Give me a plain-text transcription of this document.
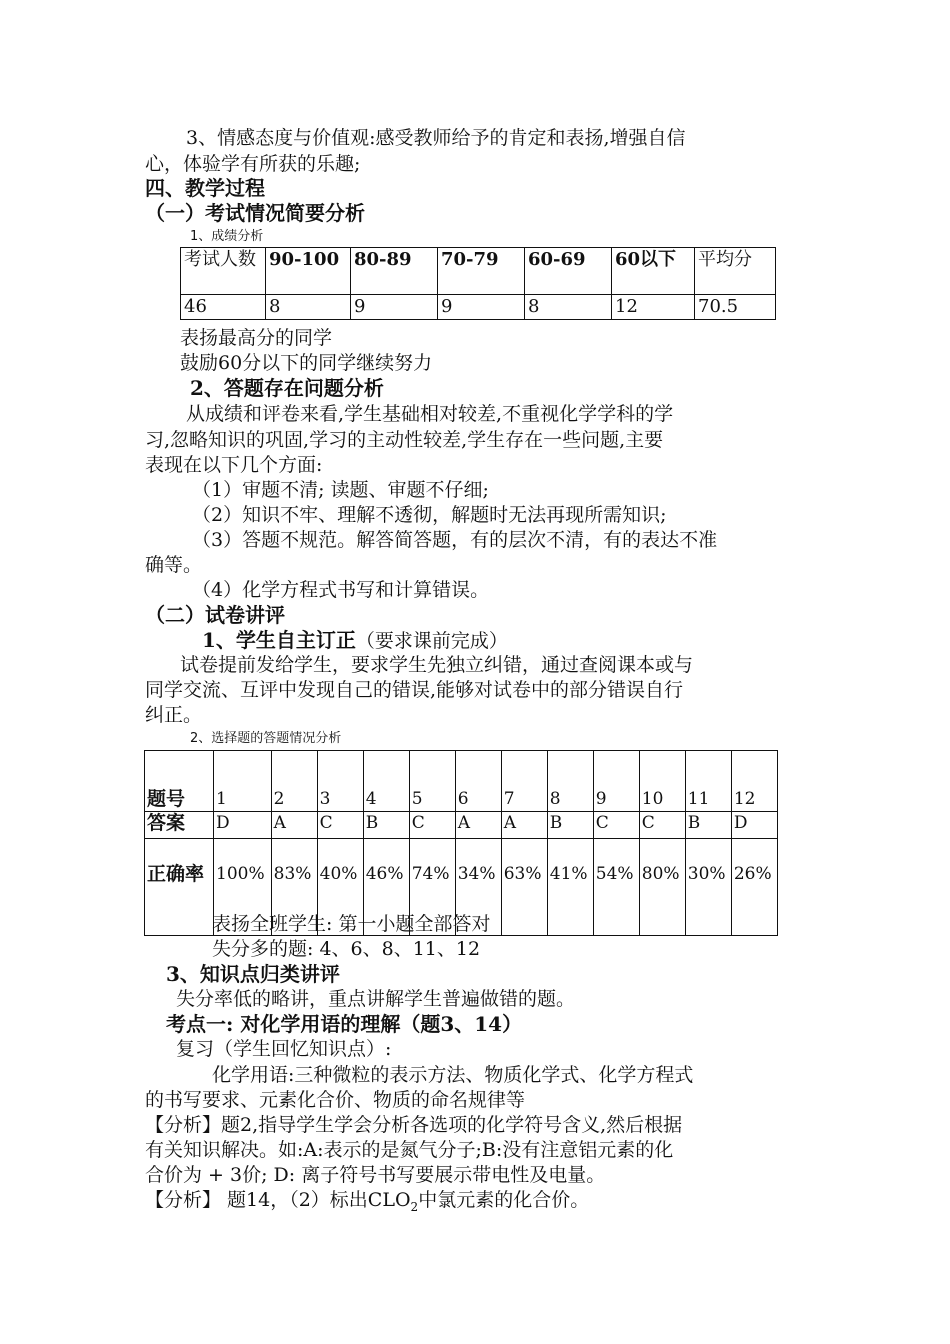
3、情感态度与价值观:感受教师给予的肯定和表扬,增强自信
心，体验学有所获的乐趣;
四、教学过程
（一）考试情况简要分析
1、成绩分析
考试人数	90-100	80-89	70-79	60-69	60以下	平均分
46	8	9	9	8	12	70.5
表扬最高分的同学
鼓励60分以下的同学继续努力
2、答题存在问题分析
从成绩和评卷来看,学生基础相对较差,不重视化学学科的学
习,忽略知识的巩固,学习的主动性较差,学生存在一些问题,主要
表现在以下几个方面:
（1）审题不清; 读题、审题不仔细;
（2）知识不牢、理解不透彻，解题时无法再现所需知识;
（3）答题不规范。解答简答题，有的层次不清，有的表达不准
确等。
（4）化学方程式书写和计算错误。
（二）试卷讲评
1、学生自主订正（要求课前完成）
试卷提前发给学生，要求学生先独立纠错，通过查阅课本或与
同学交流、互评中发现自己的错误,能够对试卷中的部分错误自行
纠正。
2、选择题的答题情况分析
题号	1	2	3	4	5	6	7	8	9	10	11	12
答案	D	A	C	B	C	A	A	B	C	C	B	D
正确率	100%	83%	40%	46%	74%	34%	63%	41%	54%	80%	30%	26%
表扬全班学生: 第一小题全部答对
失分多的题: 4、6、8、11、12
3、知识点归类讲评
失分率低的略讲，重点讲解学生普遍做错的题。
考点一: 对化学用语的理解（题3、14）
复习（学生回忆知识点）:
化学用语:三种微粒的表示方法、物质化学式、化学方程式
的书写要求、元素化合价、物质的命名规律等
【分析】题2,指导学生学会分析各选项的化学符号含义,然后根据
有关知识解决。如:A:表示的是氮气分子;B:没有注意铝元素的化
合价为 + 3价; D: 离子符号书写要展示带电性及电量。
【分析】 题14，（2）标出$CLO_2$中氯元素的化合价。
